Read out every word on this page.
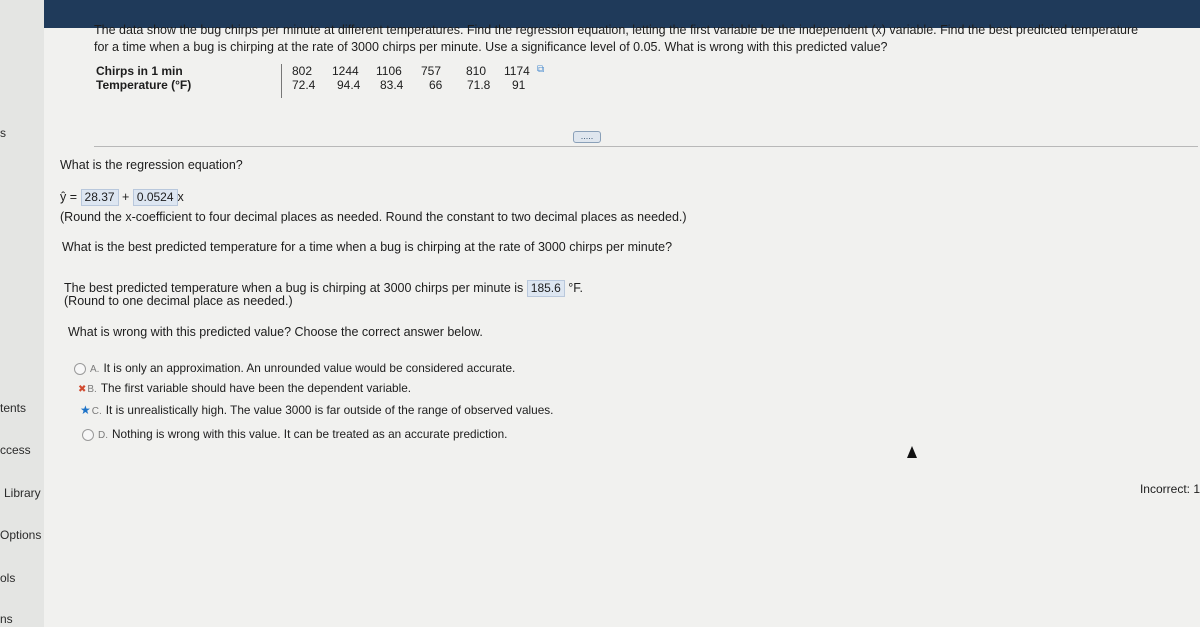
s
tents
ccess
Library
Options
ols
ns
The data show the bug chirps per minute at different temperatures. Find the regression equation, letting the first variable be the independent (x) variable. Find the best predicted temperature for a time when a bug is chirping at the rate of 3000 chirps per minute. Use a significance level of 0.05. What is wrong with this predicted value?
Chirps in 1 min
Temperature (°F)
802 1244 1106 757 810 1174 ⧉
72.4 94.4 83.4 66 71.8 91
.....
What is the regression equation?
ŷ = 28.37 + 0.0524 x
(Round the x-coefficient to four decimal places as needed. Round the constant to two decimal places as needed.)
What is the best predicted temperature for a time when a bug is chirping at the rate of 3000 chirps per minute?
The best predicted temperature when a bug is chirping at 3000 chirps per minute is 185.6 °F.
(Round to one decimal place as needed.)
What is wrong with this predicted value? Choose the correct answer below.
A. It is only an approximation. An unrounded value would be considered accurate.
✖B. The first variable should have been the dependent variable.
★C. It is unrealistically high. The value 3000 is far outside of the range of observed values.
D. Nothing is wrong with this value. It can be treated as an accurate prediction.
Incorrect: 1
